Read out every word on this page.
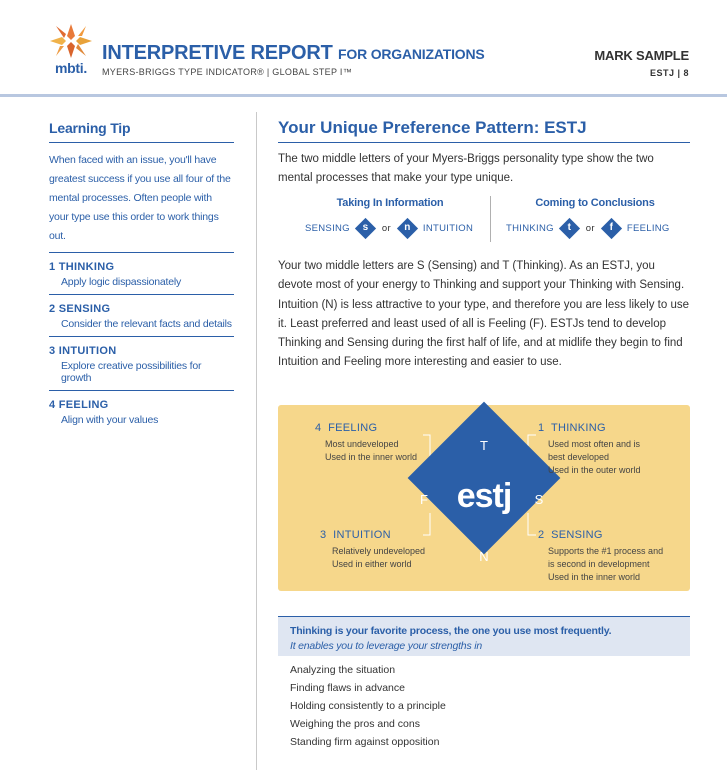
mbti.
INTERPRETIVE REPORT FOR ORGANIZATIONS
MYERS-BRIGGS TYPE INDICATOR® | GLOBAL STEP I™
MARK SAMPLE
ESTJ | 8
Learning Tip
When faced with an issue, you'll have greatest success if you use all four of the mental processes. Often people with your type use this order to work things out.
1 THINKING
Apply logic dispassionately
2 SENSING
Consider the relevant facts and details
3 INTUITION
Explore creative possibilities for growth
4 FEELING
Align with your values
Your Unique Preference Pattern: ESTJ
The two middle letters of your Myers-Briggs personality type show the two mental processes that make your type unique.
Taking In Information
SENSING	s	or	n	INTUITION
Coming to Conclusions
THINKING	t	or	f	FEELING
Your two middle letters are S (Sensing) and T (Thinking). As an ESTJ, you devote most of your energy to Thinking and support your Thinking with Sensing. Intuition (N) is less attractive to your type, and therefore you are less likely to use it. Least preferred and least used of all is Feeling (F). ESTJs tend to develop Thinking and Sensing during the first half of life, and at midlife they begin to find Intuition and Feeling more interesting and easier to use.
estj
T
F	S
N
4 FEELING
Most undeveloped
Used in the inner world
1 THINKING
Used most often and is
best developed
Used in the outer world
3 INTUITION
Relatively undeveloped
Used in either world
2 SENSING
Supports the #1 process and
is second in development
Used in the inner world
Thinking is your favorite process, the one you use most frequently.
It enables you to leverage your strengths in
Analyzing the situation
Finding flaws in advance
Holding consistently to a principle
Weighing the pros and cons
Standing firm against opposition
